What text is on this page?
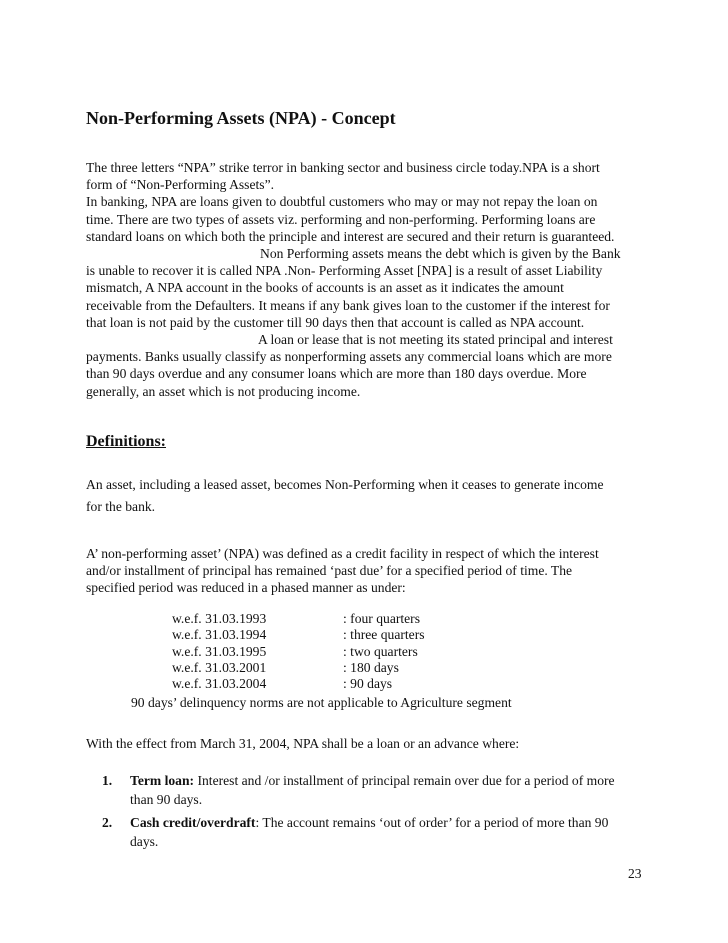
Non-Performing Assets (NPA) - Concept

The three letters “NPA” strike terror in banking sector and business circle today.NPA is a short
form of “Non-Performing Assets”.
In banking, NPA are loans given to doubtful customers who may or may not repay the loan on
time. There are two types of assets viz. performing and non-performing. Performing loans are
standard loans on which both the principle and interest are secured and their return is guaranteed.
Non Performing assets means the debt which is given by the Bank
is unable to recover it is called NPA .Non- Performing Asset [NPA] is a result of asset Liability
mismatch, A NPA account in the books of accounts is an asset as it indicates the amount
receivable from the Defaulters. It means if any bank gives loan to the customer if the interest for
that loan is not paid by the customer till 90 days then that account is called as NPA account.
A loan or lease that is not meeting its stated principal and interest
payments. Banks usually classify as nonperforming assets any commercial loans which are more
than 90 days overdue and any consumer loans which are more than 180 days overdue. More
generally, an asset which is not producing income.

Definitions:

An asset, including a leased asset, becomes Non-Performing when it ceases to generate income
for the bank.

A’ non-performing asset’ (NPA) was defined as a credit facility in respect of which the interest
and/or installment of principal has remained ‘past due’ for a specified period of time. The
specified period was reduced in a phased manner as under:

w.e.f. 31.03.1993	: four quarters
w.e.f. 31.03.1994	: three quarters
w.e.f. 31.03.1995	: two quarters
w.e.f. 31.03.2001	: 180 days
w.e.f. 31.03.2004	: 90 days

90 days’ delinquency norms are not applicable to Agriculture segment

With the effect from March 31, 2004, NPA shall be a loan or an advance where:

1. Term loan: Interest and /or installment of principal remain over due for a period of more
than 90 days.
2. Cash credit/overdraft: The account remains ‘out of order’ for a period of more than 90
days.

23
